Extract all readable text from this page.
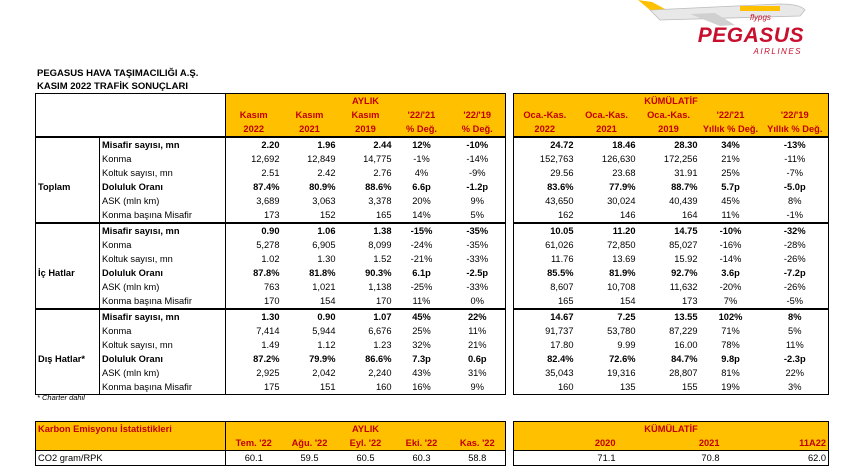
flypgs
PEGASUS
AIRLINES
PEGASUS HAVA TAŞIMACILIĞI A.Ş.
KASIM 2022 TRAFİK SONUÇLARI
		AYLIK						KÜMÜLATİF				
		Kasım	Kasım	Kasım	'22/'21	'22/'19		Oca.-Kas.	Oca.-Kas.	Oca.-Kas.	'22/'21	'22/'19
		2022	2021	2019	% Değ.	% Değ.		2022	2021	2019	Yıllık % Değ.	Yıllık % Değ.
	Misafir sayısı, mn	2.20	1.96	2.44	12%	-10%		24.72	18.46	28.30	34%	-13%
	Konma	12,692	12,849	14,775	-1%	-14%		152,763	126,630	172,256	21%	-11%
	Koltuk sayısı, mn	2.51	2.42	2.76	4%	-9%		29.56	23.68	31.91	25%	-7%
Toplam	Doluluk Oranı	87.4%	80.9%	88.6%	6.6p	-1.2p		83.6%	77.9%	88.7%	5.7p	-5.0p
	ASK (mln km)	3,689	3,063	3,378	20%	9%		43,650	30,024	40,439	45%	8%
	Konma başına Misafir	173	152	165	14%	5%		162	146	164	11%	-1%
	Misafir sayısı, mn	0.90	1.06	1.38	-15%	-35%		10.05	11.20	14.75	-10%	-32%
	Konma	5,278	6,905	8,099	-24%	-35%		61,026	72,850	85,027	-16%	-28%
	Koltuk sayısı, mn	1.02	1.30	1.52	-21%	-33%		11.76	13.69	15.92	-14%	-26%
İç Hatlar	Doluluk Oranı	87.8%	81.8%	90.3%	6.1p	-2.5p		85.5%	81.9%	92.7%	3.6p	-7.2p
	ASK (mln km)	763	1,021	1,138	-25%	-33%		8,607	10,708	11,632	-20%	-26%
	Konma başına Misafir	170	154	170	11%	0%		165	154	173	7%	-5%
	Misafir sayısı, mn	1.30	0.90	1.07	45%	22%		14.67	7.25	13.55	102%	8%
	Konma	7,414	5,944	6,676	25%	11%		91,737	53,780	87,229	71%	5%
	Koltuk sayısı, mn	1.49	1.12	1.23	32%	21%		17.80	9.99	16.00	78%	11%
Dış Hatlar*	Doluluk Oranı	87.2%	79.9%	86.6%	7.3p	0.6p		82.4%	72.6%	84.7%	9.8p	-2.3p
	ASK (mln km)	2,925	2,042	2,240	43%	31%		35,043	19,316	28,807	81%	22%
	Konma başına Misafir	175	151	160	16%	9%		160	135	155	19%	3%
* Charter dahil
Karbon Emisyonu İstatistikleri	AYLIK						KÜMÜLATİF		
	Tem. '22	Ağu. '22	Eyl. '22	Eki. '22	Kas. '22		2020	2021	11A22
CO2 gram/RPK	60.1	59.5	60.5	60.3	58.8		71.1	70.8	62.0
